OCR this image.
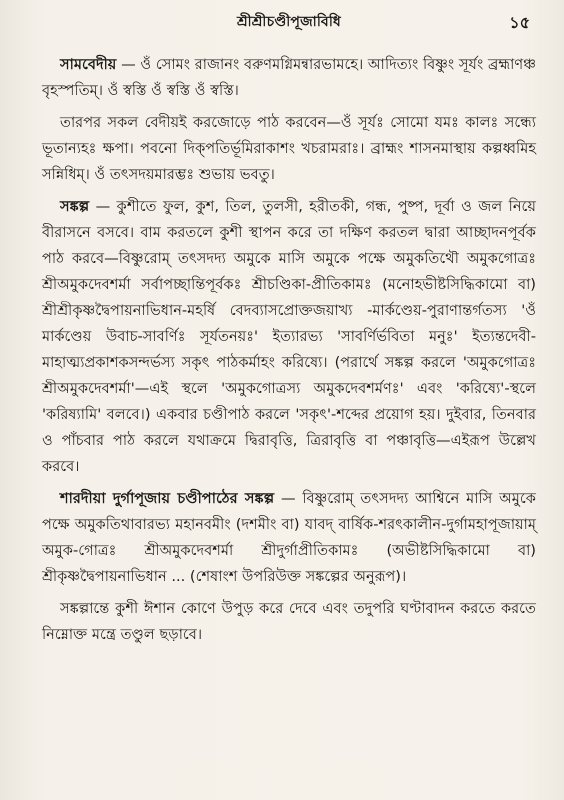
শ্রীশ্রীচণ্ডীপূজাবিধি	১৫

সামবেদীয় — ওঁ সোমং রাজানং বরুণমগ্নিমন্বারভামহে। আদিত্যং বিষ্ণুং সূর্যং ব্রহ্মাণঞ্চ বৃহস্পতিম্। ওঁ স্বস্তি ওঁ স্বস্তি ওঁ স্বস্তি।

তারপর সকল বেদীয়ই করজোড়ে পাঠ করবেন—ওঁ সূর্যঃ সোমো যমঃ কালঃ সন্ধ্যে ভূতান্যহঃ ক্ষপা। পবনো দিক্পতির্ভূমিরাকাশং খচরামরাঃ। ব্রাহ্মং শাসনমাস্থায় কল্পধ্বমিহ সন্নিধিম্। ওঁ তৎসদয়মারম্ভঃ শুভায় ভবতু।

সঙ্কল্প — কুশীতে ফুল, কুশ, তিল, তুলসী, হরীতকী, গন্ধ, পুষ্প, দূর্বা ও জল নিয়ে বীরাসনে বসবে। বাম করতলে কুশী স্থাপন করে তা দক্ষিণ করতল দ্বারা আচ্ছাদনপূর্বক পাঠ করবে—বিষ্ণুরোম্ তৎসদদ্য অমুকে মাসি অমুকে পক্ষে অমুকতিথৌ অমুকগোত্রঃ শ্রীঅমুকদেবশর্মা সর্বাপচ্ছান্তিপূর্বকঃ শ্রীচণ্ডিকা-প্রীতিকামঃ (মনোহভীষ্টসিদ্ধিকামো বা) শ্রীশ্রীকৃষ্ণদ্বৈপায়নাভিধান-মহর্ষি বেদব্যাসপ্রোক্তজয়াখ্য -মার্কণ্ডেয়-পুরাণান্তর্গতস্য 'ওঁ মার্কণ্ডেয় উবাচ-সাবর্ণিঃ সূর্যতনয়ঃ' ইত্যারভ্য 'সাবর্ণির্ভবিতা মনুঃ' ইত্যন্তদেবী-মাহাত্ম্যপ্রকাশকসন্দর্ভস্য সকৃৎ পাঠকর্মাহং করিষ্যে। (পরার্থে সঙ্কল্প করলে 'অমুকগোত্রঃ শ্রীঅমুকদেবশর্মা'—এই স্থলে 'অমুকগোত্রস্য অমুকদেবশর্মণঃ' এবং 'করিষ্যে'-স্থলে 'করিষ্যামি' বলবে।) একবার চণ্ডীপাঠ করলে 'সকৃৎ'-শব্দের প্রয়োগ হয়। দুইবার, তিনবার ও পাঁচবার পাঠ করলে যথাক্রমে দ্বিরাবৃত্তি, ত্রিরাবৃত্তি বা পঞ্চাবৃত্তি—এইরূপ উল্লেখ করবে।

শারদীয়া দুর্গাপূজায় চণ্ডীপাঠের সঙ্কল্প — বিষ্ণুরোম্ তৎসদদ্য আশ্বিনে মাসি অমুকে পক্ষে অমুকতিথাবারভ্য মহানবমীং (দশমীং বা) যাবদ্ বার্ষিক-শরৎকালীন-দুর্গামহাপূজায়াম্ অমুক-গোত্রঃ শ্রীঅমুকদেবশর্মা শ্রীদুর্গাপ্রীতিকামঃ (অভীষ্টসিদ্ধিকামো বা) শ্রীকৃষ্ণদ্বৈপায়নাভিধান ... (শেষাংশ উপরিউক্ত সঙ্কল্পের অনুরূপ)।

সঙ্কল্পান্তে কুশী ঈশান কোণে উপুড় করে দেবে এবং তদুপরি ঘণ্টাবাদন করতে করতে নিম্নোক্ত মন্ত্রে তণ্ডুল ছড়াবে।
